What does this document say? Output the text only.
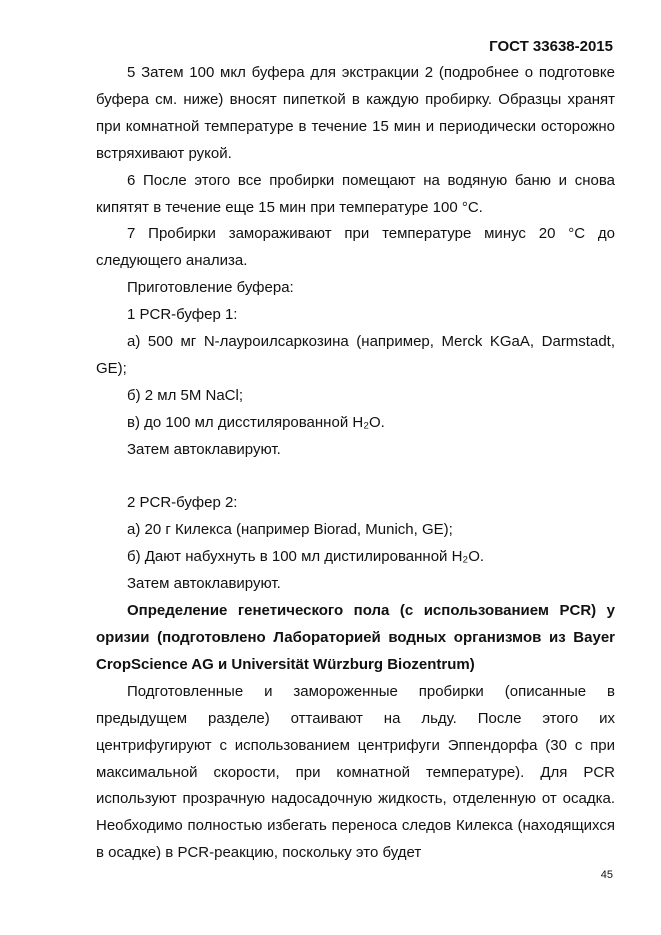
ГОСТ 33638-2015

5 Затем 100 мкл буфера для экстракции 2 (подробнее о подготовке буфера см. ниже) вносят пипеткой в каждую пробирку. Образцы хранят при комнатной температуре в течение 15 мин и периодически осторожно встряхивают рукой.

6 После этого все пробирки помещают на водяную баню и снова кипятят в течение еще 15 мин при температуре 100 °С.

7 Пробирки замораживают при температуре минус 20 °С до следующего анализа.

Приготовление буфера:

1 PCR-буфер 1:

а) 500 мг N-лауроилсаркозина (например, Merck KGaA, Darmstadt, GE);

б) 2 мл 5М NaCl;

в) до 100 мл дисстилярованной H₂O.

Затем автоклавируют.

2 PCR-буфер 2:

а) 20 г Килекса (например Biorad, Munich, GE);

б) Дают набухнуть в 100 мл дистилированной H₂O.

Затем автоклавируют.

Определение генетического пола (с использованием PCR) у оризии (подготовлено Лабораторией водных организмов из Bayer CropScience AG и Universität Würzburg Biozentrum)

Подготовленные и замороженные пробирки (описанные в предыдущем разделе) оттаивают на льду. После этого их центрифугируют с использованием центрифуги Эппендорфа (30 с при максимальной скорости, при комнатной температуре). Для PCR используют прозрачную надосадочную жидкость, отделенную от осадка. Необходимо полностью избегать переноса следов Килекса (находящихся в осадке) в PCR-реакцию, поскольку это будет

45
